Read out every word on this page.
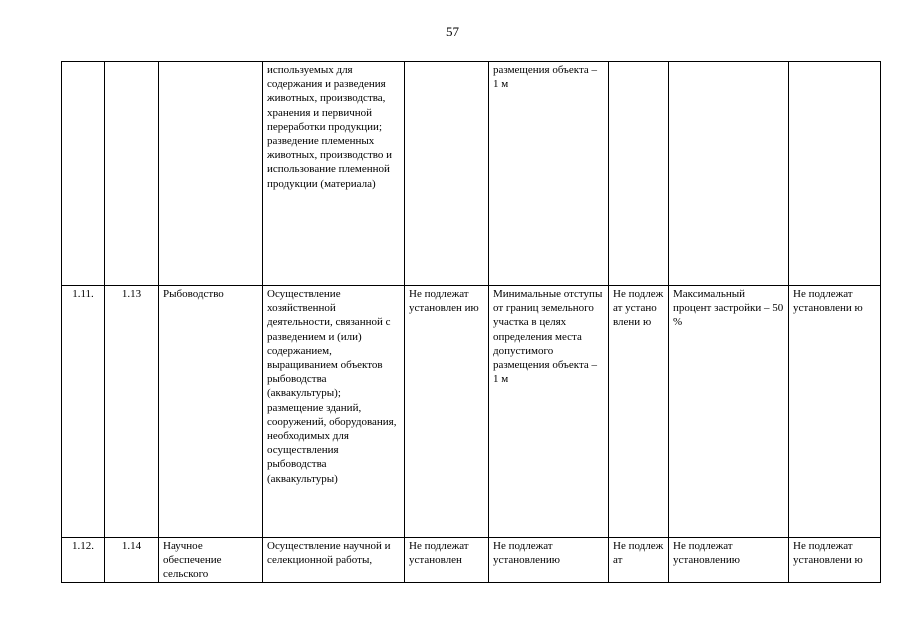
57
			используемых для содержания и разведения животных, производства, хранения и первичной переработки продукции; разведение племенных животных, производство и использование племенной продукции (материала)		размещения объекта – 1 м			
1.11.	1.13	Рыбоводство	Осуществление хозяйственной деятельности, связанной с разведением и (или) содержанием, выращиванием объектов рыбоводства (аквакультуры); размещение зданий, сооружений, оборудования, необходимых для осуществления рыбоводства (аквакультуры)	Не подлежат установлен ию	Минимальные отступы от границ земельного участка в целях определения места допустимого размещения объекта – 1 м	Не подлеж ат устано влени ю	Максимальный процент застройки – 50 %	Не подлежат установлени ю
1.12.	1.14	Научное обеспечение сельского	Осуществление научной и селекционной работы,	Не подлежат установлен	Не подлежат установлению	Не подлеж ат	Не подлежат установлению	Не подлежат установлени ю
